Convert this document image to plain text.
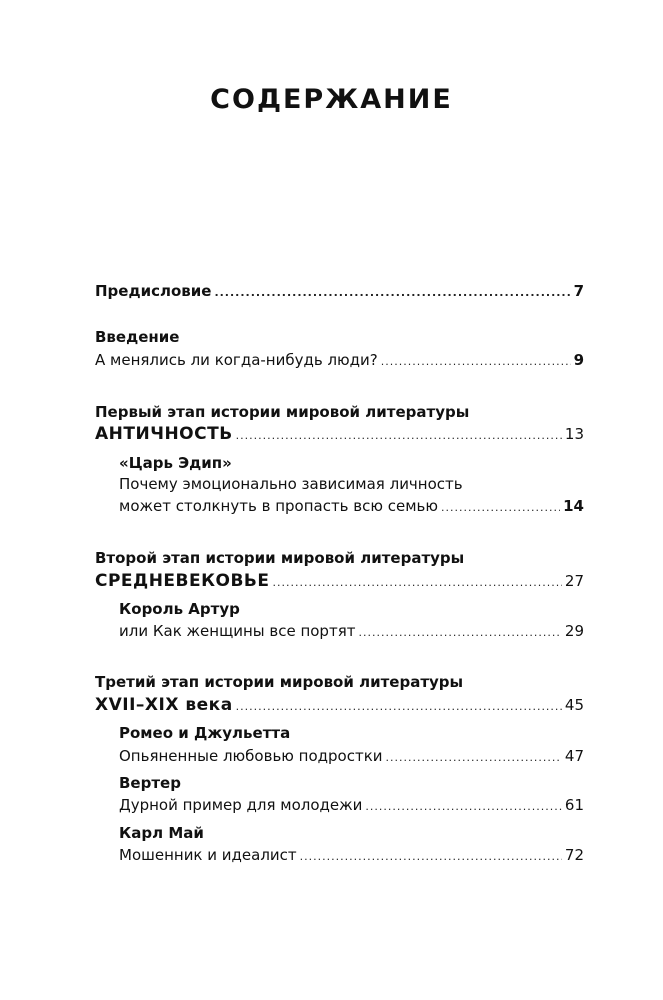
СОДЕРЖАНИЕ
Предисловие .....	7
Введение
А менялись ли когда-нибудь люди? .....	9
Первый этап истории мировой литературы
АНТИЧНОСТЬ .....	13
«Царь Эдип»
Почему эмоционально зависимая личность
может столкнуть в пропасть всю семью .....	14
Второй этап истории мировой литературы
СРЕДНЕВЕКОВЬЕ .....	27
Король Артур
или Как женщины все портят .....	29
Третий этап истории мировой литературы
XVII–XIX века .....	45
Ромео и Джульетта
Опьяненные любовью подростки .....	47
Вертер
Дурной пример для молодежи .....	61
Карл Май
Мошенник и идеалист .....	72
